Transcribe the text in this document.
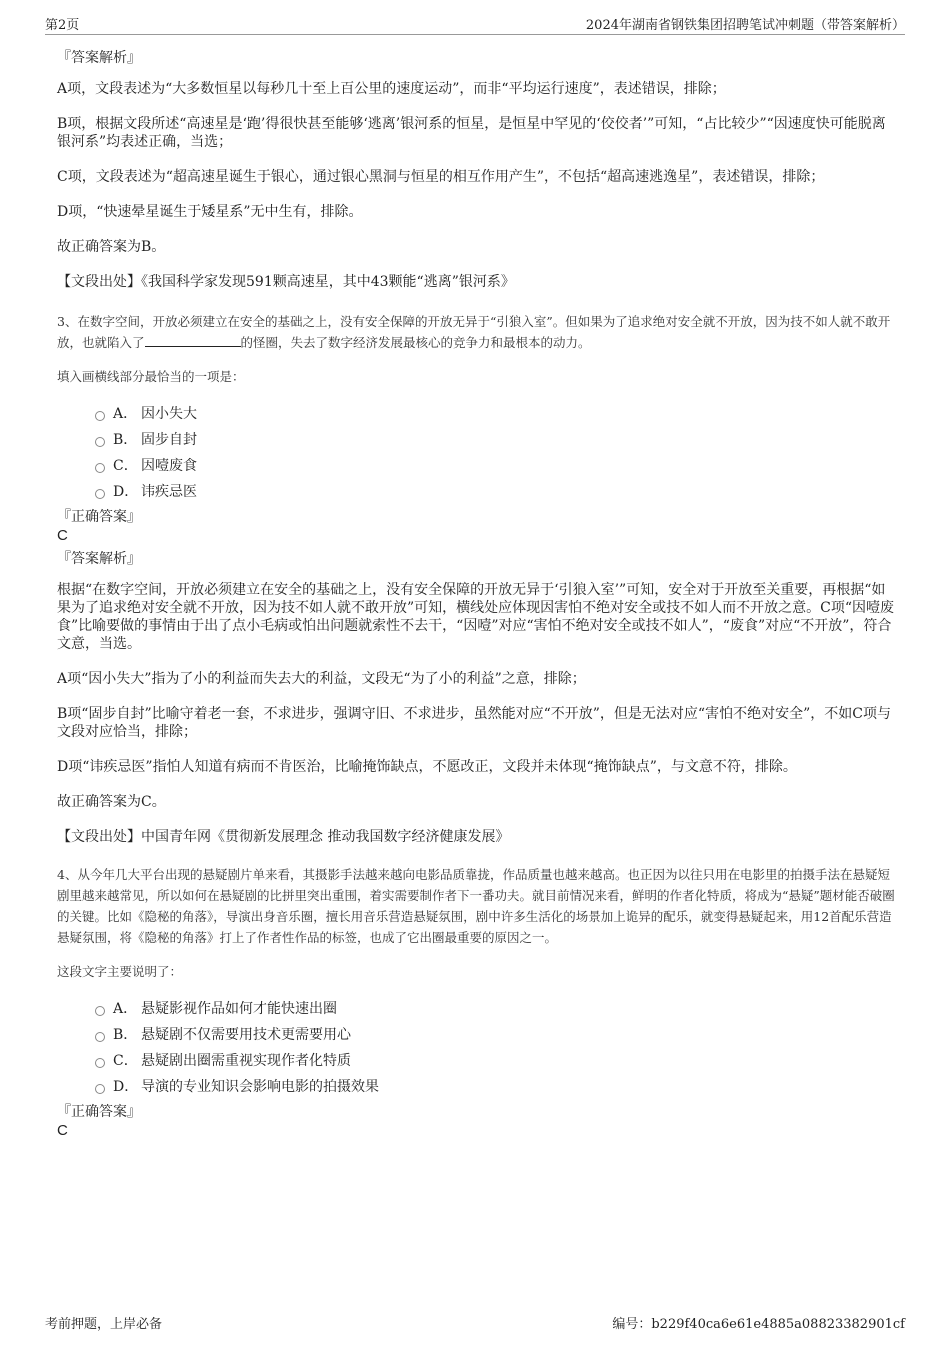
第2页	2024年湖南省钢铁集团招聘笔试冲刺题（带答案解析）
『答案解析』

A项，文段表述为“大多数恒星以每秒几十至上百公里的速度运动”，而非“平均运行速度”，表述错误，排除；

B项，根据文段所述“高速星是‘跑’得很快甚至能够‘逃离’银河系的恒星，是恒星中罕见的‘佼佼者’”可知，“占比较少”“因速度快可能脱离银河系”均表述正确，当选；

C项，文段表述为“超高速星诞生于银心，通过银心黑洞与恒星的相互作用产生”，不包括“超高速逃逸星”，表述错误，排除；

D项，“快速晕星诞生于矮星系”无中生有，排除。

故正确答案为B。

【文段出处】《我国科学家发现591颗高速星，其中43颗能“逃离”银河系》

3、在数字空间，开放必须建立在安全的基础之上，没有安全保障的开放无异于“引狼入室”。但如果为了追求绝对安全就不开放，因为技不如人就不敢开放，也就陷入了	的怪圈，失去了数字经济发展最核心的竞争力和最根本的动力。

填入画横线部分最恰当的一项是：

A． 因小失大
B． 固步自封
C． 因噎废食
D． 讳疾忌医
『正确答案』
C
『答案解析』

根据“在数字空间，开放必须建立在安全的基础之上，没有安全保障的开放无异于‘引狼入室’”可知，安全对于开放至关重要，再根据“如果为了追求绝对安全就不开放，因为技不如人就不敢开放”可知，横线处应体现因害怕不绝对安全或技不如人而不开放之意。C项“因噎废食”比喻要做的事情由于出了点小毛病或怕出问题就索性不去干，“因噎”对应“害怕不绝对安全或技不如人”，“废食”对应“不开放”，符合文意，当选。

A项“因小失大”指为了小的利益而失去大的利益，文段无“为了小的利益”之意，排除；

B项“固步自封”比喻守着老一套，不求进步，强调守旧、不求进步，虽然能对应“不开放”，但是无法对应“害怕不绝对安全”，不如C项与文段对应恰当，排除；

D项“讳疾忌医”指怕人知道有病而不肯医治，比喻掩饰缺点，不愿改正，文段并未体现“掩饰缺点”，与文意不符，排除。

故正确答案为C。

【文段出处】中国青年网《贯彻新发展理念 推动我国数字经济健康发展》

4、从今年几大平台出现的悬疑剧片单来看，其摄影手法越来越向电影品质靠拢，作品质量也越来越高。也正因为以往只用在电影里的拍摄手法在悬疑短剧里越来越常见，所以如何在悬疑剧的比拼里突出重围，着实需要制作者下一番功夫。就目前情况来看，鲜明的作者化特质，将成为“悬疑”题材能否破圈的关键。比如《隐秘的角落》，导演出身音乐圈，擅长用音乐营造悬疑氛围，剧中许多生活化的场景加上诡异的配乐，就变得悬疑起来，用12首配乐营造悬疑氛围，将《隐秘的角落》打上了作者性作品的标签，也成了它出圈最重要的原因之一。

这段文字主要说明了：

A． 悬疑影视作品如何才能快速出圈
B． 悬疑剧不仅需要用技术更需要用心
C． 悬疑剧出圈需重视实现作者化特质
D． 导演的专业知识会影响电影的拍摄效果
『正确答案』
C
考前押题，上岸必备	编号：b229f40ca6e61e4885a08823382901cf
